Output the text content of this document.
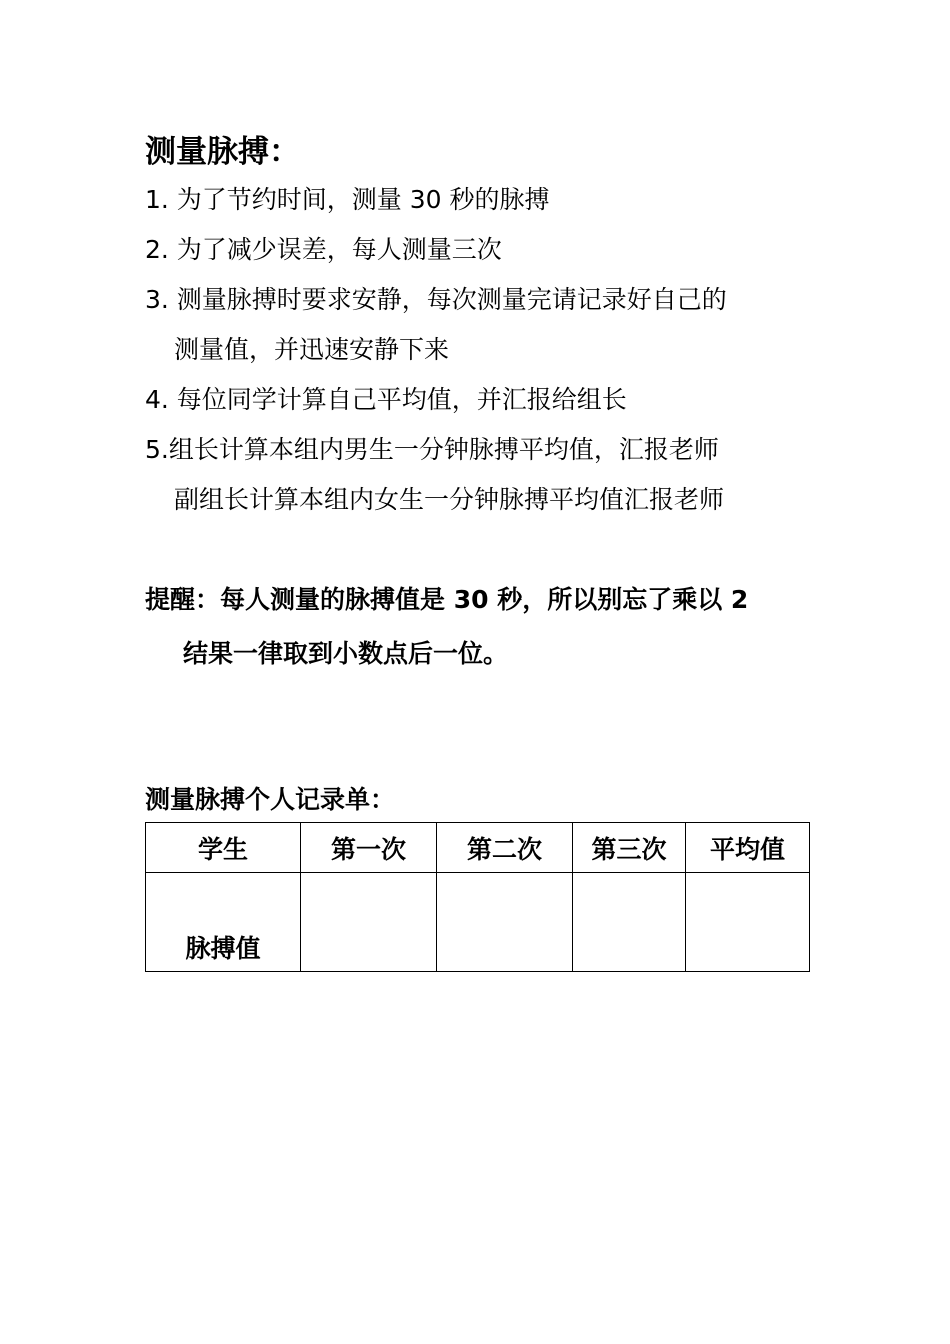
测量脉搏：
1. 为了节约时间，测量 30 秒的脉搏
2. 为了减少误差，每人测量三次
3. 测量脉搏时要求安静，每次测量完请记录好自己的
测量值，并迅速安静下来
4. 每位同学计算自己平均值，并汇报给组长
5.组长计算本组内男生一分钟脉搏平均值，汇报老师
副组长计算本组内女生一分钟脉搏平均值汇报老师
提醒：每人测量的脉搏值是 30 秒，所以别忘了乘以 2
结果一律取到小数点后一位。
测量脉搏个人记录单：
学生	第一次	第二次	第三次	平均值

脉搏值				
